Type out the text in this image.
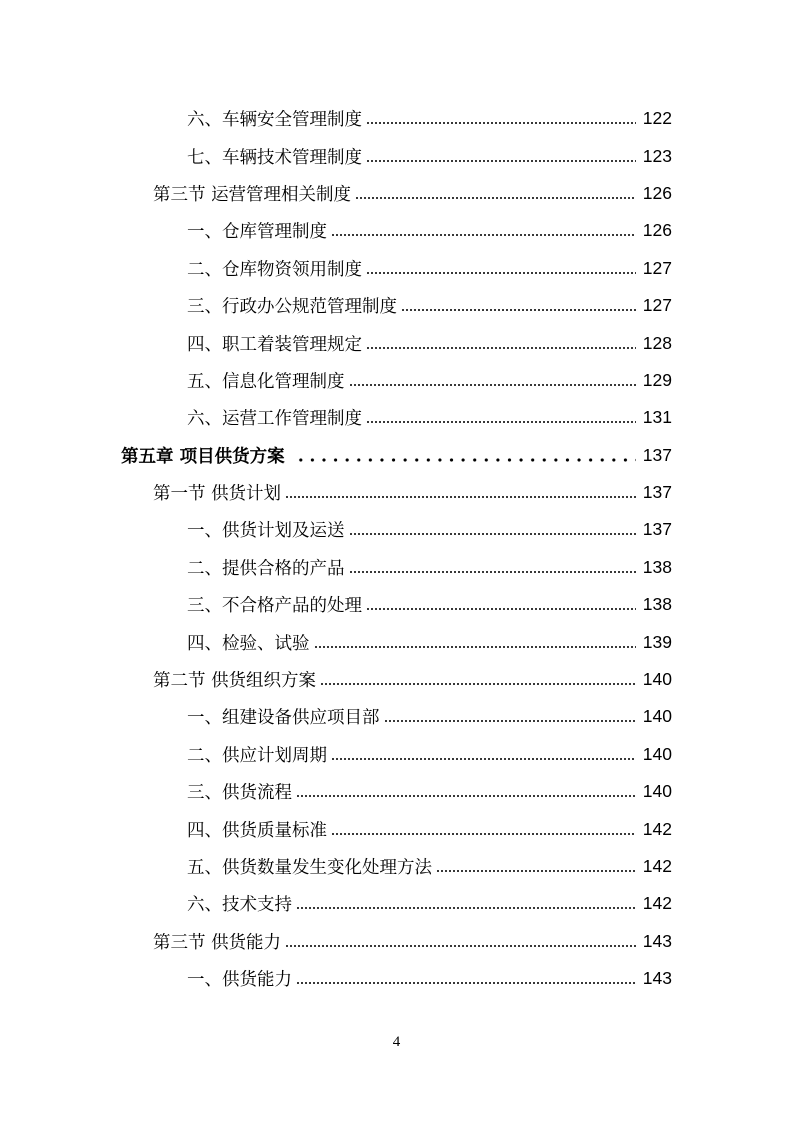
六、车辆安全管理制度	122
七、车辆技术管理制度	123
第三节 运营管理相关制度	126
一、仓库管理制度	126
二、仓库物资领用制度	127
三、行政办公规范管理制度	127
四、职工着装管理规定	128
五、信息化管理制度	129
六、运营工作管理制度	131
第五章 项目供货方案	137
第一节 供货计划	137
一、供货计划及运送	137
二、提供合格的产品	138
三、不合格产品的处理	138
四、检验、试验	139
第二节 供货组织方案	140
一、组建设备供应项目部	140
二、供应计划周期	140
三、供货流程	140
四、供货质量标准	142
五、供货数量发生变化处理方法	142
六、技术支持	142
第三节 供货能力	143
一、供货能力	143
4
